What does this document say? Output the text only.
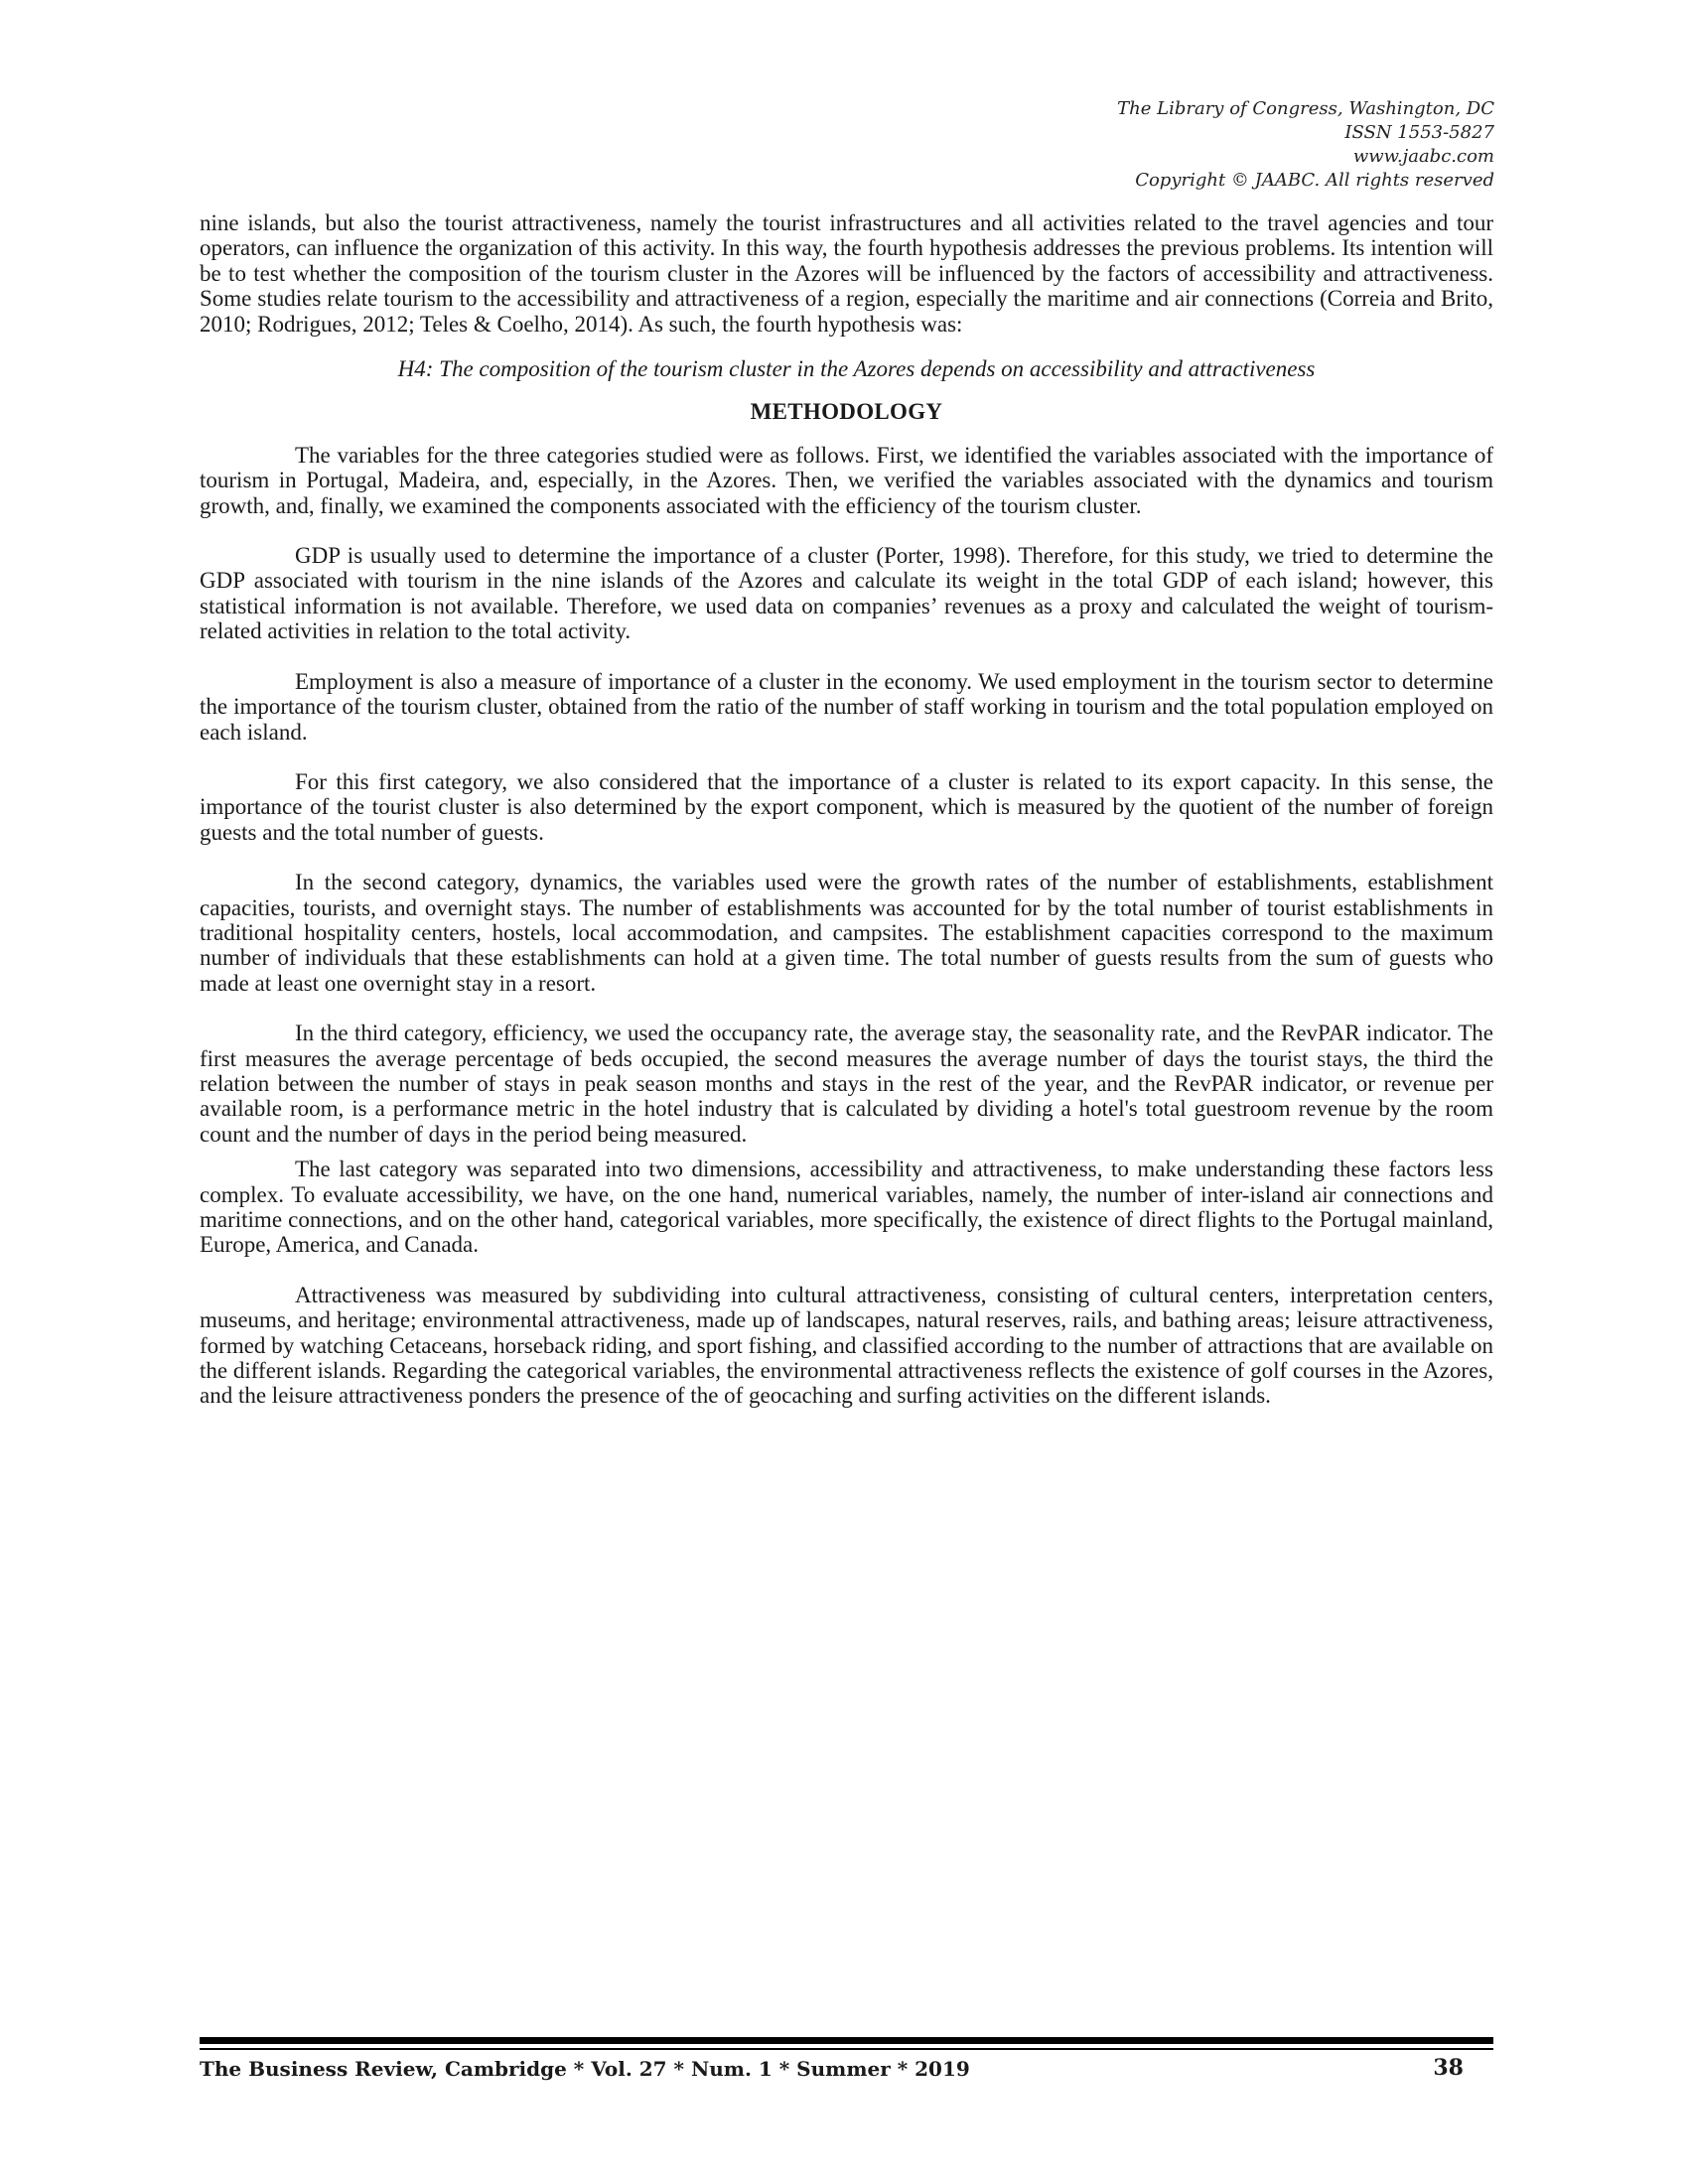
The Library of Congress, Washington, DC
ISSN 1553-5827
www.jaabc.com
Copyright © JAABC. All rights reserved

nine islands, but also the tourist attractiveness, namely the tourist infrastructures and all activities related to the travel agencies and tour operators, can influence the organization of this activity. In this way, the fourth hypothesis addresses the previous problems. Its intention will be to test whether the composition of the tourism cluster in the Azores will be influenced by the factors of accessibility and attractiveness. Some studies relate tourism to the accessibility and attractiveness of a region, especially the maritime and air connections (Correia and Brito, 2010; Rodrigues, 2012; Teles & Coelho, 2014). As such, the fourth hypothesis was:

H4: The composition of the tourism cluster in the Azores depends on accessibility and attractiveness

METHODOLOGY

The variables for the three categories studied were as follows. First, we identified the variables associated with the importance of tourism in Portugal, Madeira, and, especially, in the Azores. Then, we verified the variables associated with the dynamics and tourism growth, and, finally, we examined the components associated with the efficiency of the tourism cluster.

GDP is usually used to determine the importance of a cluster (Porter, 1998). Therefore, for this study, we tried to determine the GDP associated with tourism in the nine islands of the Azores and calculate its weight in the total GDP of each island; however, this statistical information is not available. Therefore, we used data on companies’ revenues as a proxy and calculated the weight of tourism-related activities in relation to the total activity.

Employment is also a measure of importance of a cluster in the economy. We used employment in the tourism sector to determine the importance of the tourism cluster, obtained from the ratio of the number of staff working in tourism and the total population employed on each island.

For this first category, we also considered that the importance of a cluster is related to its export capacity. In this sense, the importance of the tourist cluster is also determined by the export component, which is measured by the quotient of the number of foreign guests and the total number of guests.

In the second category, dynamics, the variables used were the growth rates of the number of establishments, establishment capacities, tourists, and overnight stays. The number of establishments was accounted for by the total number of tourist establishments in traditional hospitality centers, hostels, local accommodation, and campsites. The establishment capacities correspond to the maximum number of individuals that these establishments can hold at a given time. The total number of guests results from the sum of guests who made at least one overnight stay in a resort.

In the third category, efficiency, we used the occupancy rate, the average stay, the seasonality rate, and the RevPAR indicator. The first measures the average percentage of beds occupied, the second measures the average number of days the tourist stays, the third the relation between the number of stays in peak season months and stays in the rest of the year, and the RevPAR indicator, or revenue per available room, is a performance metric in the hotel industry that is calculated by dividing a hotel's total guestroom revenue by the room count and the number of days in the period being measured.

The last category was separated into two dimensions, accessibility and attractiveness, to make understanding these factors less complex. To evaluate accessibility, we have, on the one hand, numerical variables, namely, the number of inter-island air connections and maritime connections, and on the other hand, categorical variables, more specifically, the existence of direct flights to the Portugal mainland, Europe, America, and Canada.

Attractiveness was measured by subdividing into cultural attractiveness, consisting of cultural centers, interpretation centers, museums, and heritage; environmental attractiveness, made up of landscapes, natural reserves, rails, and bathing areas; leisure attractiveness, formed by watching Cetaceans, horseback riding, and sport fishing, and classified according to the number of attractions that are available on the different islands. Regarding the categorical variables, the environmental attractiveness reflects the existence of golf courses in the Azores, and the leisure attractiveness ponders the presence of the of geocaching and surfing activities on the different islands.

The Business Review, Cambridge * Vol. 27 * Num. 1 * Summer * 2019	38
